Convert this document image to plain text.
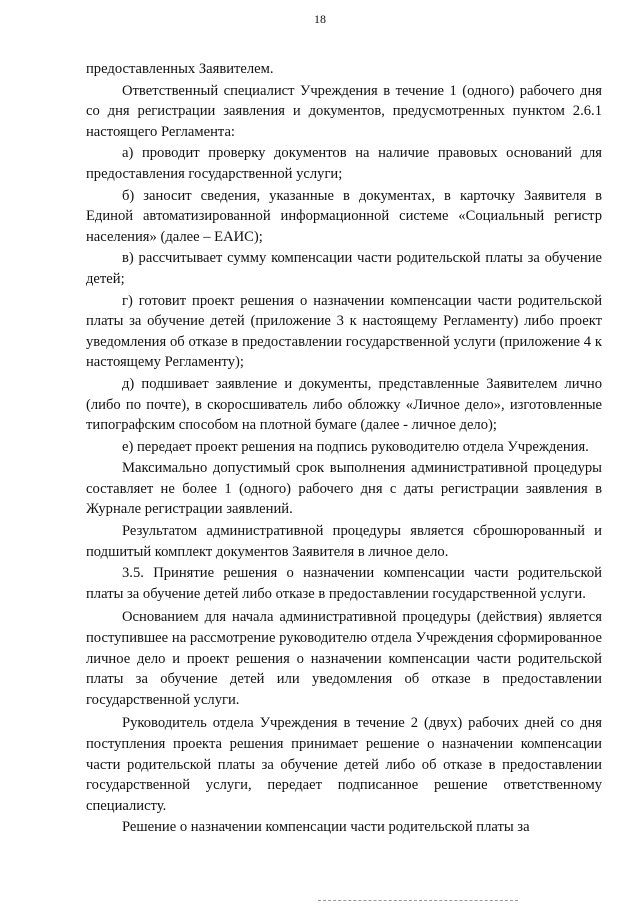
18

предоставленных Заявителем.

Ответственный специалист Учреждения в течение 1 (одного) рабочего дня со дня регистрации заявления и документов, предусмотренных пунктом 2.6.1 настоящего Регламента:

а) проводит проверку документов на наличие правовых оснований для предоставления государственной услуги;

б) заносит сведения, указанные в документах, в карточку Заявителя в Единой автоматизированной информационной системе «Социальный регистр населения» (далее – ЕАИС);

в) рассчитывает сумму компенсации части родительской платы за обучение детей;

г) готовит проект решения о назначении компенсации части родительской платы за обучение детей (приложение 3 к настоящему Регламенту) либо проект уведомления об отказе в предоставлении государственной услуги (приложение 4 к настоящему Регламенту);

д) подшивает заявление и документы, представленные Заявителем лично (либо по почте), в скоросшиватель либо обложку «Личное дело», изготовленные типографским способом на плотной бумаге (далее - личное дело);

е) передает проект решения на подпись руководителю отдела Учреждения.

Максимально допустимый срок выполнения административной процедуры составляет не более 1 (одного) рабочего дня с даты регистрации заявления в Журнале регистрации заявлений.

Результатом административной процедуры является сброшюрованный и подшитый комплект документов Заявителя в личное дело.

3.5. Принятие решения о назначении компенсации части родительской платы за обучение детей либо отказе в предоставлении государственной услуги.

Основанием для начала административной процедуры (действия) является поступившее на рассмотрение руководителю отдела Учреждения сформированное личное дело и проект решения о назначении компенсации части родительской платы за обучение детей или уведомления об отказе в предоставлении государственной услуги.

Руководитель отдела Учреждения в течение 2 (двух) рабочих дней со дня поступления проекта решения принимает решение о назначении компенсации части родительской платы за обучение детей либо об отказе в предоставлении государственной услуги, передает подписанное решение ответственному специалисту.

Решение о назначении компенсации части родительской платы за
